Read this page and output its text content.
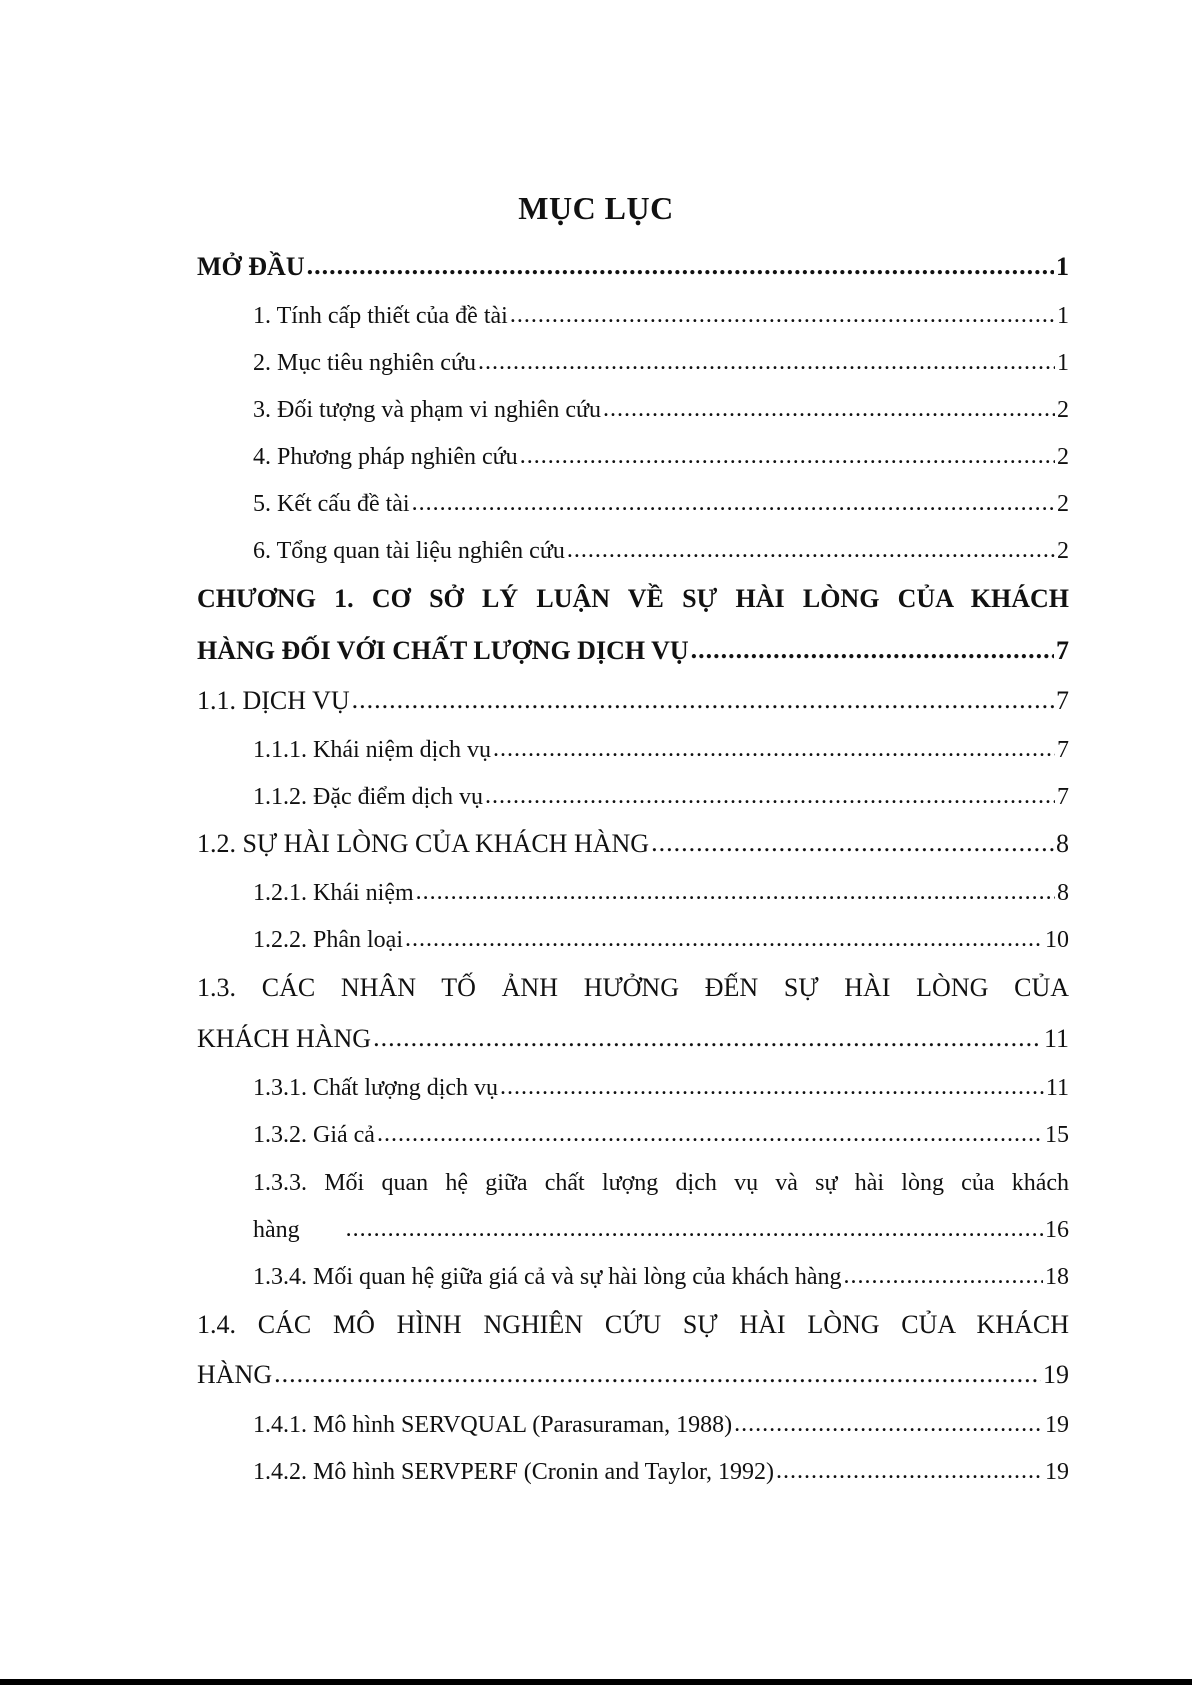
MỤC LỤC
MỞ ĐẦU .....	1
1. Tính cấp thiết của đề tài .....	1
2. Mục tiêu nghiên cứu .....	1
3. Đối tượng và phạm vi nghiên cứu .....	2
4. Phương pháp nghiên cứu .....	2
5. Kết cấu đề tài .....	2
6. Tổng quan tài liệu nghiên cứu .....	2
CHƯƠNG 1. CƠ SỞ LÝ LUẬN VỀ SỰ HÀI LÒNG CỦA KHÁCH
HÀNG ĐỐI VỚI CHẤT LƯỢNG DỊCH VỤ .....	7
1.1. DỊCH VỤ .....	7
1.1.1. Khái niệm dịch vụ .....	7
1.1.2. Đặc điểm dịch vụ .....	7
1.2. SỰ HÀI LÒNG CỦA KHÁCH HÀNG .....	8
1.2.1. Khái niệm .....	8
1.2.2. Phân loại .....	10
1.3. CÁC NHÂN TỐ ẢNH HƯỞNG ĐẾN SỰ HÀI LÒNG CỦA
KHÁCH HÀNG .....	11
1.3.1. Chất lượng dịch vụ .....	11
1.3.2. Giá cả .....	15
1.3.3. Mối quan hệ giữa chất lượng dịch vụ và sự hài lòng của khách
hàng .....	16
1.3.4. Mối quan hệ giữa giá cả và sự hài lòng của khách hàng .....	18
1.4. CÁC MÔ HÌNH NGHIÊN CỨU SỰ HÀI LÒNG CỦA KHÁCH
HÀNG .....	19
1.4.1. Mô hình SERVQUAL (Parasuraman, 1988) .....	19
1.4.2. Mô hình SERVPERF (Cronin and Taylor, 1992) .....	19
